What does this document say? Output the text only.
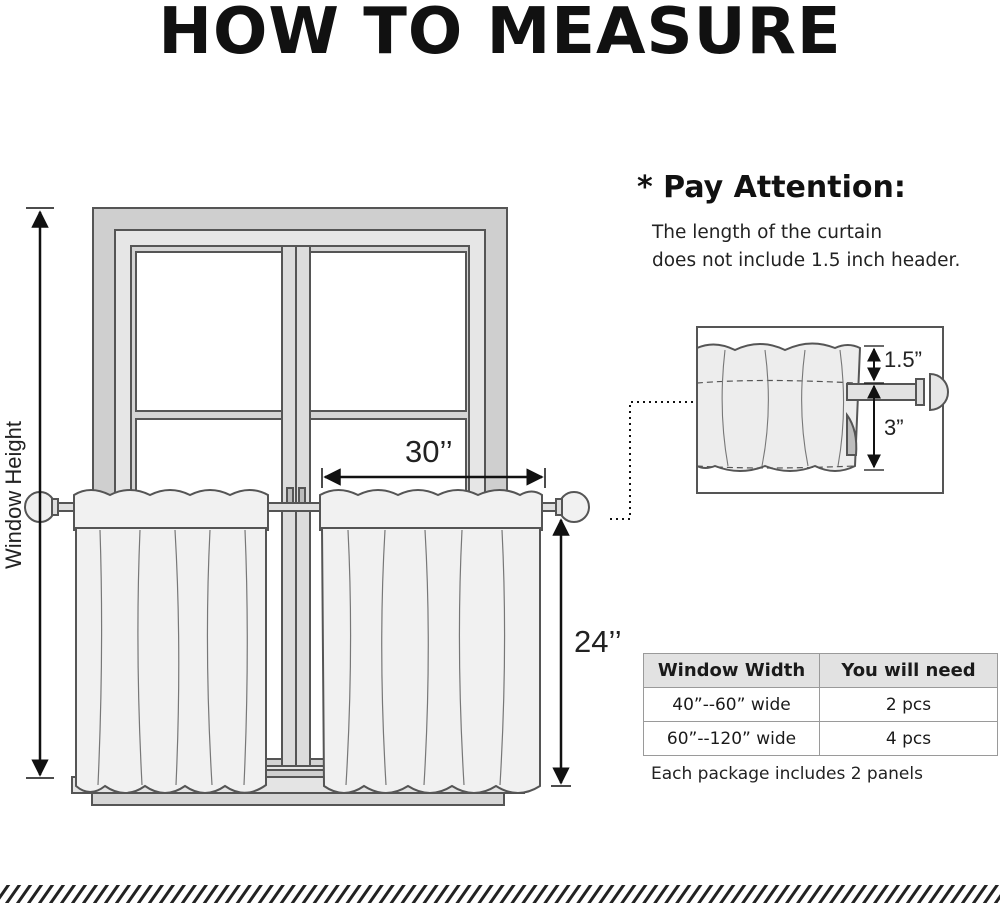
HOW TO MEASURE
* Pay Attention:
The length of the curtain
does not include 1.5 inch header.
Window Height	30’’
24’’
1.5”
3”
Window Width	You will need
40”--60” wide	2 pcs
60”--120” wide	4 pcs
Each package includes 2 panels
